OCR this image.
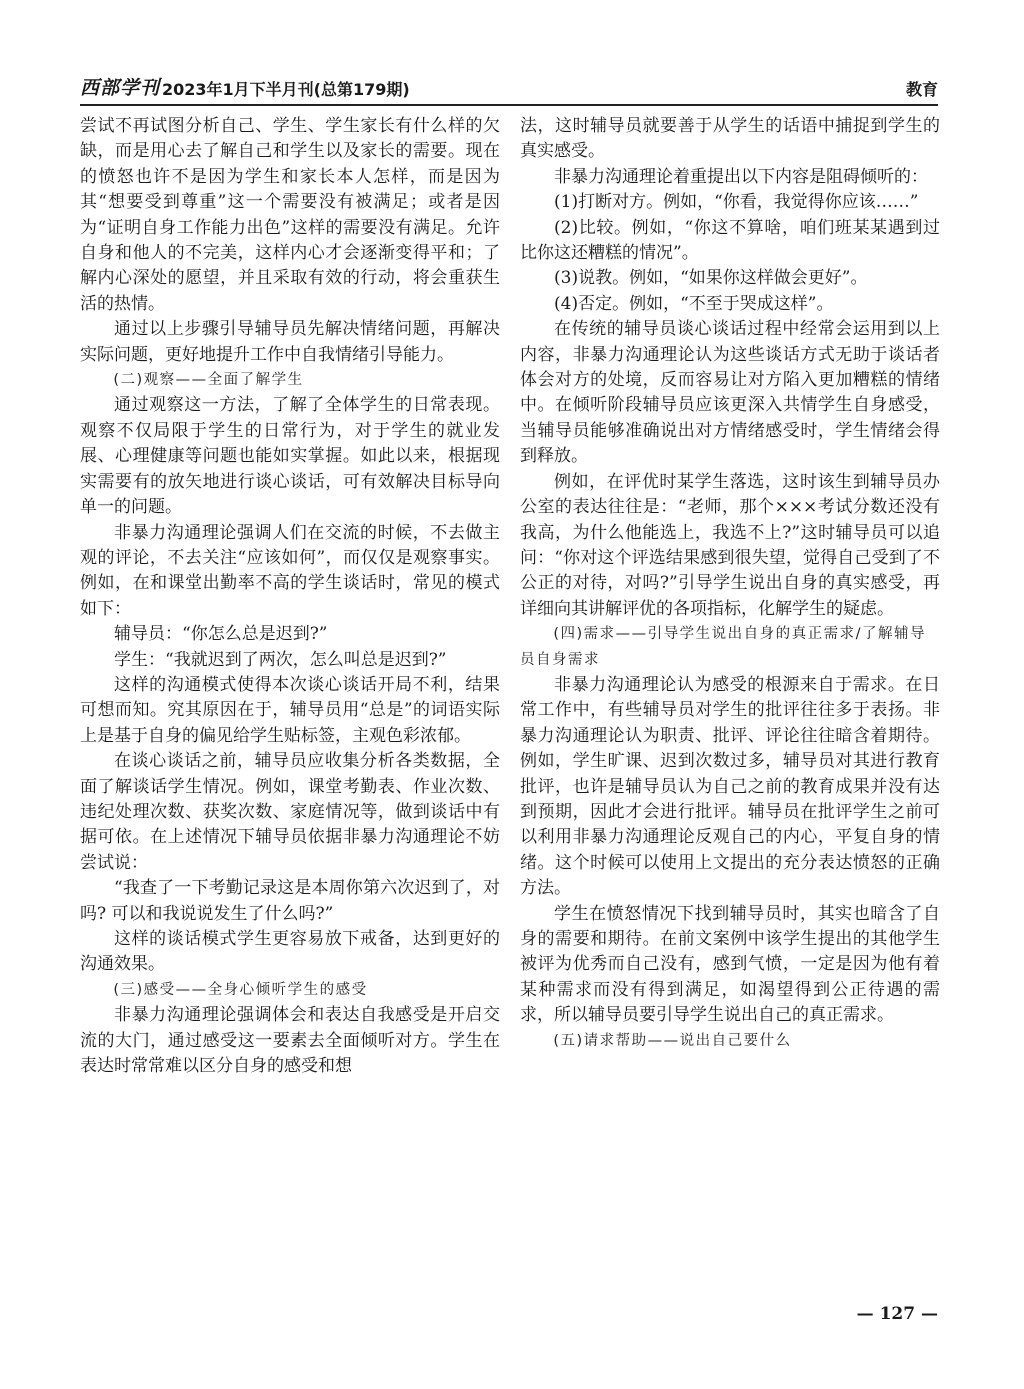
西部学刊 2023年1月下半月刊(总第179期)	教育

尝试不再试图分析自己、学生、学生家长有什么样的欠缺，而是用心去了解自己和学生以及家长的需要。现在的愤怒也许不是因为学生和家长本人怎样，而是因为其“想要受到尊重”这一个需要没有被满足；或者是因为“证明自身工作能力出色”这样的需要没有满足。允许自身和他人的不完美，这样内心才会逐渐变得平和；了解内心深处的愿望，并且采取有效的行动，将会重获生活的热情。

通过以上步骤引导辅导员先解决情绪问题，再解决实际问题，更好地提升工作中自我情绪引导能力。

(二)观察——全面了解学生

通过观察这一方法，了解了全体学生的日常表现。观察不仅局限于学生的日常行为，对于学生的就业发展、心理健康等问题也能如实掌握。如此以来，根据现实需要有的放矢地进行谈心谈话，可有效解决目标导向单一的问题。

非暴力沟通理论强调人们在交流的时候，不去做主观的评论，不去关注“应该如何”，而仅仅是观察事实。例如，在和课堂出勤率不高的学生谈话时，常见的模式如下：

辅导员：“你怎么总是迟到?”

学生：“我就迟到了两次，怎么叫总是迟到?”

这样的沟通模式使得本次谈心谈话开局不利，结果可想而知。究其原因在于，辅导员用“总是”的词语实际上是基于自身的偏见给学生贴标签，主观色彩浓郁。

在谈心谈话之前，辅导员应收集分析各类数据，全面了解谈话学生情况。例如，课堂考勤表、作业次数、违纪处理次数、获奖次数、家庭情况等，做到谈话中有据可依。在上述情况下辅导员依据非暴力沟通理论不妨尝试说：

“我查了一下考勤记录这是本周你第六次迟到了，对吗? 可以和我说说发生了什么吗?”

这样的谈话模式学生更容易放下戒备，达到更好的沟通效果。

(三)感受——全身心倾听学生的感受

非暴力沟通理论强调体会和表达自我感受是开启交流的大门，通过感受这一要素去全面倾听对方。学生在表达时常常难以区分自身的感受和想

法，这时辅导员就要善于从学生的话语中捕捉到学生的真实感受。

非暴力沟通理论着重提出以下内容是阻碍倾听的：

(1)打断对方。例如，“你看，我觉得你应该……”

(2)比较。例如，“你这不算啥，咱们班某某遇到过比你这还糟糕的情况”。

(3)说教。例如，“如果你这样做会更好”。

(4)否定。例如，“不至于哭成这样”。

在传统的辅导员谈心谈话过程中经常会运用到以上内容，非暴力沟通理论认为这些谈话方式无助于谈话者体会对方的处境，反而容易让对方陷入更加糟糕的情绪中。在倾听阶段辅导员应该更深入共情学生自身感受，当辅导员能够准确说出对方情绪感受时，学生情绪会得到释放。

例如，在评优时某学生落选，这时该生到辅导员办公室的表达往往是：“老师，那个×××考试分数还没有我高，为什么他能选上，我选不上?”这时辅导员可以追问：“你对这个评选结果感到很失望，觉得自己受到了不公正的对待，对吗?”引导学生说出自身的真实感受，再详细向其讲解评优的各项指标，化解学生的疑虑。

(四)需求——引导学生说出自身的真正需求/了解辅导员自身需求

非暴力沟通理论认为感受的根源来自于需求。在日常工作中，有些辅导员对学生的批评往往多于表扬。非暴力沟通理论认为职责、批评、评论往往暗含着期待。例如，学生旷课、迟到次数过多，辅导员对其进行教育批评，也许是辅导员认为自己之前的教育成果并没有达到预期，因此才会进行批评。辅导员在批评学生之前可以利用非暴力沟通理论反观自己的内心，平复自身的情绪。这个时候可以使用上文提出的充分表达愤怒的正确方法。

学生在愤怒情况下找到辅导员时，其实也暗含了自身的需要和期待。在前文案例中该学生提出的其他学生被评为优秀而自己没有，感到气愤，一定是因为他有着某种需求而没有得到满足，如渴望得到公正待遇的需求，所以辅导员要引导学生说出自己的真正需求。

(五)请求帮助——说出自己要什么

— 127 —
